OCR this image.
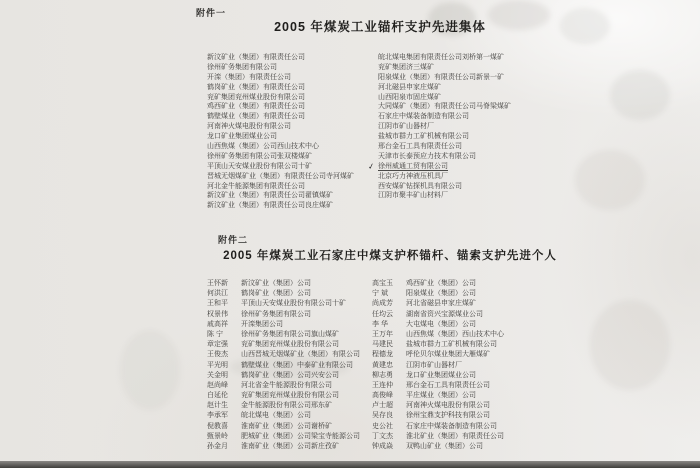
附件一
2005 年煤炭工业锚杆支护先进集体
新汶矿业（集团）有限责任公司
徐州矿务集团有限公司
开滦（集团）有限责任公司
鹤岗矿业（集团）有限责任公司
兖矿集团兖州煤业股份有限公司
鸡西矿业（集团）有限责任公司
鹤壁煤业（集团）有限责任公司
河南神火煤电股份有限公司
龙口矿业集团煤业公司
山西焦煤（集团）公司西山技术中心
徐州矿务集团有限公司张双楼煤矿
平顶山天安煤业股份有限公司十矿
晋城无烟煤矿业（集团）有限责任公司寺河煤矿
河北金牛能源集团有限责任公司
新汶矿业（集团）有限责任公司翟镇煤矿
新汶矿业（集团）有限责任公司良庄煤矿
皖北煤电集团有限责任公司刘桥第一煤矿
兖矿集团济三煤矿
阳泉煤业（集团）有限责任公司新景一矿
河北磁县申家庄煤矿
山西阳泉市固庄煤矿
大同煤矿（集团）有限责任公司马脊梁煤矿
石家庄中煤装备制造有限公司
江阴市矿山器材厂
盐城市群力工矿机械有限公司
邢台金石工具有限责任公司
天津市长泰预应力技术有限公司
✓ 徐州威通工贸有限公司
北京巧力神液压机具厂
西安煤矿钻探机具有限公司
江阴市聚丰矿山材料厂
附件二
2005 年煤炭工业石家庄中煤支护杯锚杆、锚索支护先进个人
王怀新	新汶矿业（集团）公司	高宝玉	鸡西矿业（集团）公司
何洪江	鹤岗矿业（集团）公司	宁 斌	阳泉煤业（集团）公司
王和平	平顶山天安煤业股份有限公司十矿	尚成芳	河北省磁县申家庄煤矿
权景伟	徐州矿务集团有限公司	任均云	湖南省资兴宝源煤业公司
戚高祥	开滦集团公司	李 华	大屯煤电（集团）公司
陈 宁	徐州矿务集团有限公司旗山煤矿	王万年	山西焦煤（集团）西山技术中心
章定强	兖矿集团兖州煤业股份有限公司	马建民	盐城市群力工矿机械有限公司
王俊杰	山西晋城无烟煤矿业（集团）有限公司 程德龙	呼伦贝尔煤业集团大雁煤矿
平光明	鹤壁煤业（集团）中泰矿业有限公司	黄建忠	江阴市矿山器材厂
关金明	鹤岗矿业（集团）公司兴安公司	柳志勇	龙口矿业集团煤业公司
赵尚峰	河北省金牛能源股份有限公司	王连仲	邢台金石工具有限责任公司
白延伦	兖矿集团兖州煤业股份有限公司	高俊峰	平庄煤业（集团）公司
赵计生	金牛能源股份有限公司邢东矿	卢士超	河南神火煤电股份有限公司
李承军	皖北煤电（集团）公司	吴存良	徐州宝鼎支护科技有限公司
倪教喜	淮南矿业（集团）公司谢桥矿	史公社	石家庄中煤装备制造有限公司
甄景岭	肥城矿业（集团）公司梁宝寺能源公司 丁文杰	淮北矿业（集团）有限责任公司
孙金月	淮南矿业（集团）公司新庄孜矿	钟成焱	双鸭山矿业（集团）公司
